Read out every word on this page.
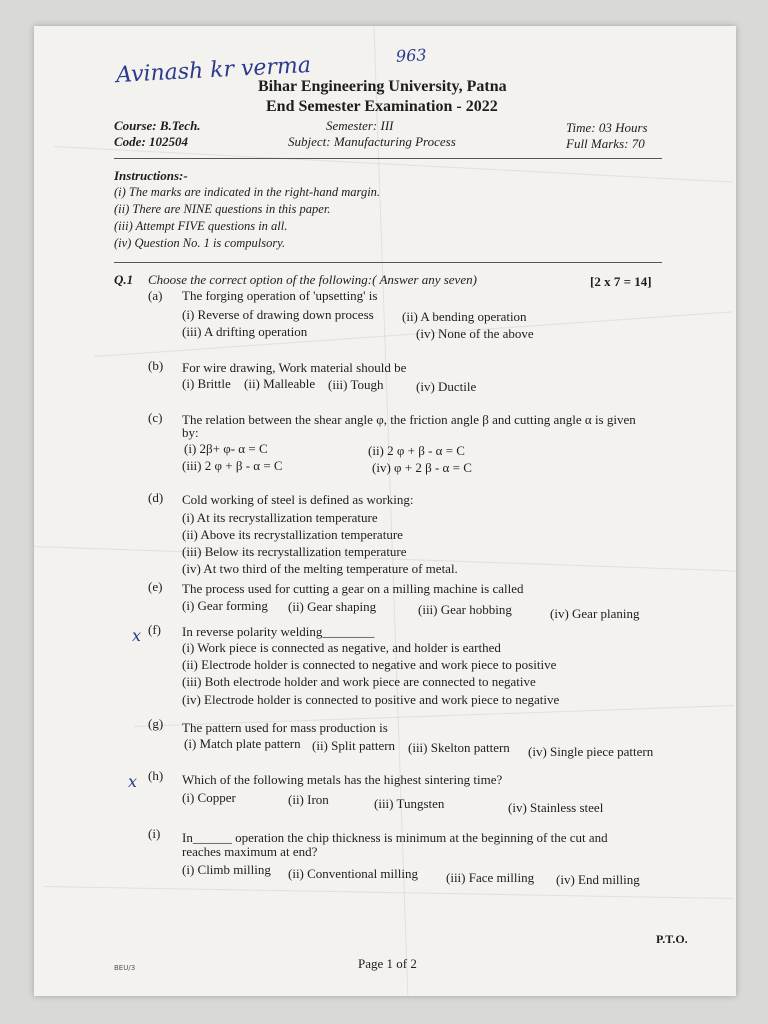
Avinash kr verma	963
Bihar Engineering University, Patna
End Semester Examination - 2022
Course: B.Tech.
Code: 102504
Semester: III
Subject: Manufacturing Process
Time: 03 Hours
Full Marks: 70
Instructions:-
(i) The marks are indicated in the right-hand margin.
(ii) There are NINE questions in this paper.
(iii) Attempt FIVE questions in all.
(iv) Question No. 1 is compulsory.
Q.1 Choose the correct option of the following:( Answer any seven)	[2 x 7 = 14]
(a) The forging operation of 'upsetting' is
(i) Reverse of drawing down process (ii) A bending operation
(iii) A drifting operation	(iv) None of the above
(b) For wire drawing, Work material should be
(i) Brittle (ii) Malleable (iii) Tough (iv) Ductile
(c) The relation between the shear angle φ, the friction angle β and cutting angle α is given
by:
(i) 2β+ φ- α = C	(ii) 2 φ + β - α = C
(iii) 2 φ + β - α = C	(iv) φ + 2 β - α = C
(d) Cold working of steel is defined as working:
(i) At its recrystallization temperature
(ii) Above its recrystallization temperature
(iii) Below its recrystallization temperature
(iv) At two third of the melting temperature of metal.
(e) The process used for cutting a gear on a milling machine is called
(i) Gear forming (ii) Gear shaping	(iii) Gear hobbing	(iv) Gear planing
x (f) In reverse polarity welding________
(i) Work piece is connected as negative, and holder is earthed
(ii) Electrode holder is connected to negative and work piece to positive
(iii) Both electrode holder and work piece are connected to negative
(iv) Electrode holder is connected to positive and work piece to negative
(g) The pattern used for mass production is
(i) Match plate pattern (ii) Split pattern (iii) Skelton pattern (iv) Single piece pattern
x (h) Which of the following metals has the highest sintering time?
(i) Copper	(ii) Iron	(iii) Tungsten	(iv) Stainless steel
(i) In______ operation the chip thickness is minimum at the beginning of the cut and
reaches maximum at end?
(i) Climb milling (ii) Conventional milling (iii) Face milling (iv) End milling
P.T.O.
BEU/3	Page 1 of 2
